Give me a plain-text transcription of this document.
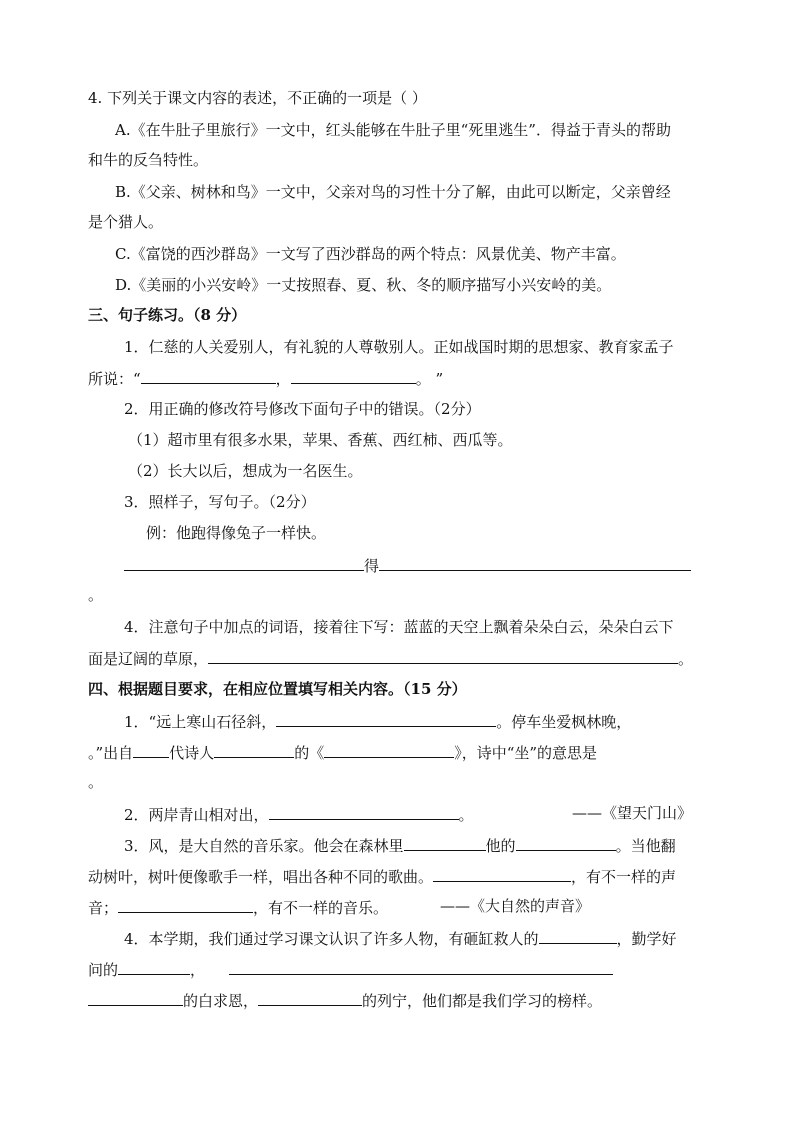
4. 下列关于课文内容的表述，不正确的一项是（ ）
A.《在牛肚子里旅行》一文中，红头能够在牛肚子里“死里逃生”．得益于青头的帮助
和牛的反刍特性。
B.《父亲、树林和鸟》一文中，父亲对鸟的习性十分了解，由此可以断定，父亲曾经
是个猎人。
C.《富饶的西沙群岛》一文写了西沙群岛的两个特点：风景优美、物产丰富。
D.《美丽的小兴安岭》一丈按照春、夏、秋、冬的顺序描写小兴安岭的美。
三、句子练习。（8 分）
1．仁慈的人关爱别人，有礼貌的人尊敬别人。正如战国时期的思想家、教育家孟子
所说：“	，	。 ”
2．用正确的修改符号修改下面句子中的错误。（2分）
（1）超市里有很多水果，苹果、香蕉、西红柿、西瓜等。
（2）长大以后，想成为一名医生。
3．照样子，写句子。（2分）
例：他跑得像兔子一样快。
得
。
4．注意句子中加点的词语，接着往下写：蓝蓝的天空上飘着朵朵白云，朵朵白云下
面是辽阔的草原，	。
四、根据题目要求，在相应位置填写相关内容。（15 分）
1．“远上寒山石径斜，	。停车坐爱枫林晚，
。”出自 代诗人	的《	》，诗中“坐”的意思是
。
2．两岸青山相对出，	。	——《望天门山》
3．风，是大自然的音乐家。他会在森林里	他的	。当他翻
动树叶，树叶便像歌手一样，唱出各种不同的歌曲。	，有不一样的声
音；	，有不一样的音乐。	——《大自然的声音》
4．本学期，我们通过学习课文认识了许多人物，有砸缸救人的	，勤学好
问的	，
的白求恩，	的列宁，他们都是我们学习的榜样。
